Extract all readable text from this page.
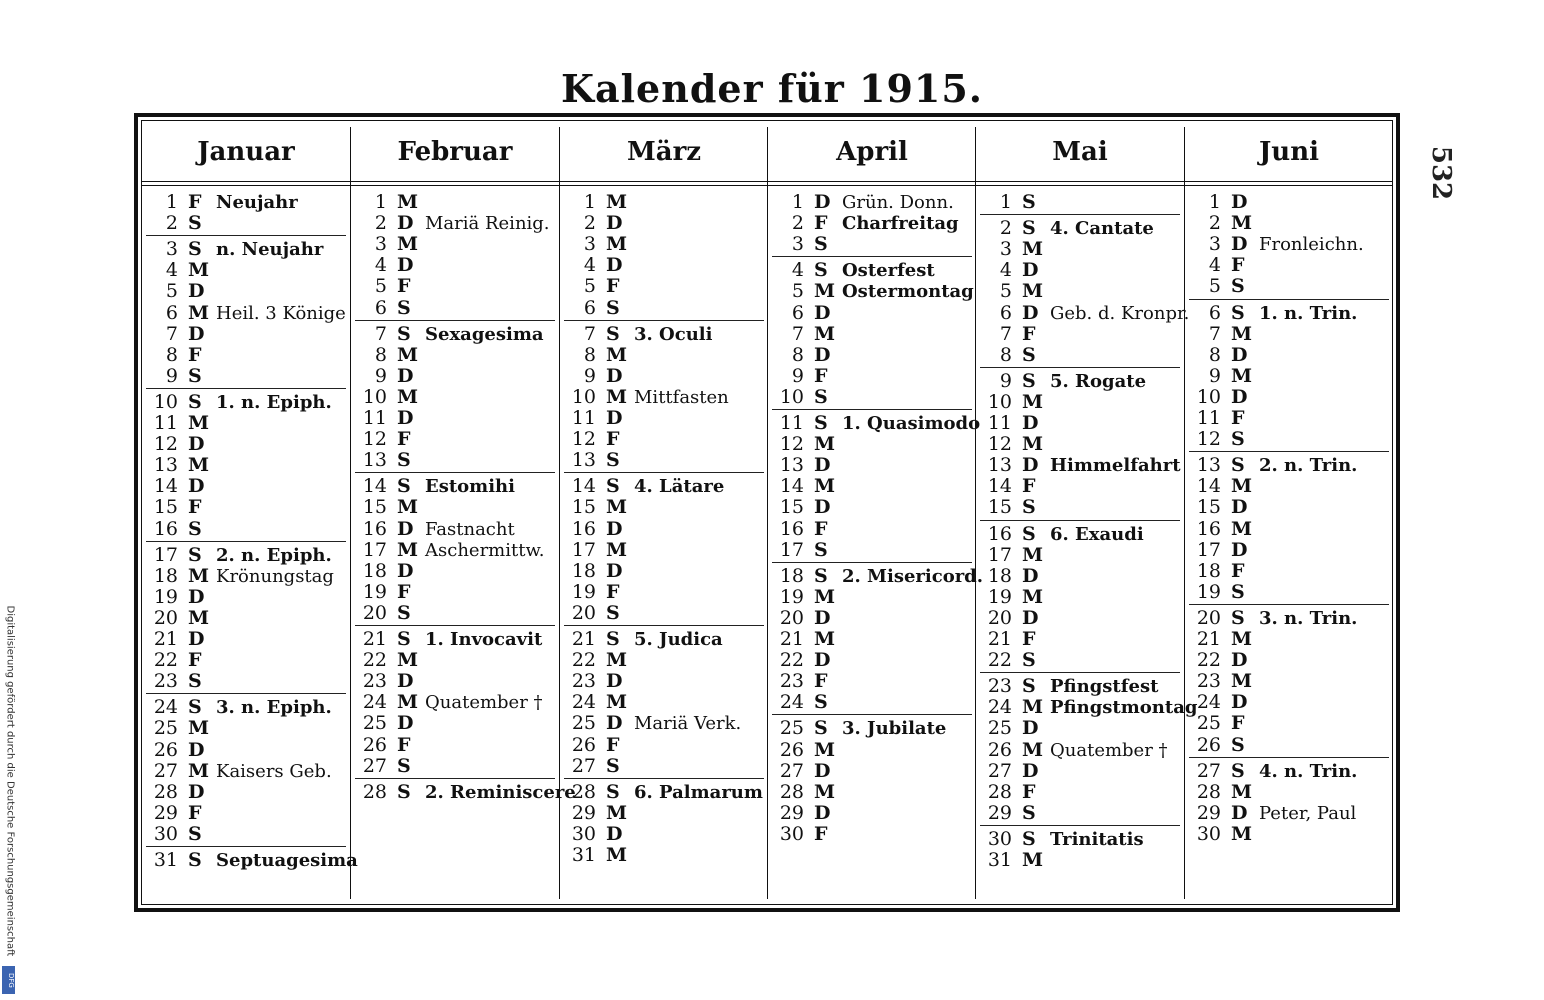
Kalender für 1915.
Januar
1 F Neujahr
2 S
3 S n. Neujahr
4 M
5 D
6 M Heil. 3 Könige
7 D
8 F
9 S
10 S 1. n. Epiph.
11 M
12 D
13 M
14 D
15 F
16 S
17 S 2. n. Epiph.
18 M Krönungstag
19 D
20 M
21 D
22 F
23 S
24 S 3. n. Epiph.
25 M
26 D
27 M Kaisers Geb.
28 D
29 F
30 S
31 S Septuagesima
Februar
1 M
2 D Mariä Reinig.
3 M
4 D
5 F
6 S
7 S Sexagesima
8 M
9 D
10 M
11 D
12 F
13 S
14 S Estomihi
15 M
16 D Fastnacht
17 M Aschermittw.
18 D
19 F
20 S
21 S 1. Invocavit
22 M
23 D
24 M Quatember †
25 D
26 F
27 S
28 S 2. Reminiscere
März
1 M
2 D
3 M
4 D
5 F
6 S
7 S 3. Oculi
8 M
9 D
10 M Mittfasten
11 D
12 F
13 S
14 S 4. Lätare
15 M
16 D
17 M
18 D
19 F
20 S
21 S 5. Judica
22 M
23 D
24 M
25 D Mariä Verk.
26 F
27 S
28 S 6. Palmarum
29 M
30 D
31 M
April
1 D Grün. Donn.
2 F Charfreitag
3 S
4 S Osterfest
5 M Ostermontag
6 D
7 M
8 D
9 F
10 S
11 S 1. Quasimodo
12 M
13 D
14 M
15 D
16 F
17 S
18 S 2. Misericord.
19 M
20 D
21 M
22 D
23 F
24 S
25 S 3. Jubilate
26 M
27 D
28 M
29 D
30 F
Mai
1 S
2 S 4. Cantate
3 M
4 D
5 M
6 D Geb. d. Kronpr.
7 F
8 S
9 S 5. Rogate
10 M
11 D
12 M
13 D Himmelfahrt
14 F
15 S
16 S 6. Exaudi
17 M
18 D
19 M
20 D
21 F
22 S
23 S Pfingstfest
24 M Pfingstmontag
25 D
26 M Quatember †
27 D
28 F
29 S
30 S Trinitatis
31 M
Juni
1 D
2 M
3 D Fronleichn.
4 F
5 S
6 S 1. n. Trin.
7 M
8 D
9 M
10 D
11 F
12 S
13 S 2. n. Trin.
14 M
15 D
16 M
17 D
18 F
19 S
20 S 3. n. Trin.
21 M
22 D
23 M
24 D
25 F
26 S
27 S 4. n. Trin.
28 M
29 D Peter, Paul
30 M
532
Digitalisierung gefördert durch die Deutsche Forschungsgemeinschaft
DFG
